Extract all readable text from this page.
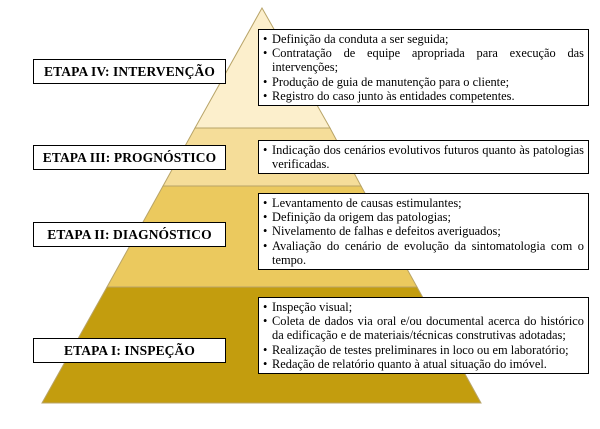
ETAPA IV: INTERVENÇÃO
• Definição da conduta a ser seguida;
• Contratação de equipe apropriada para execução das intervenções;
• Produção de guia de manutenção para o cliente;
• Registro do caso junto às entidades competentes.
ETAPA III: PROGNÓSTICO
•	Indicação dos cenários evolutivos futuros quanto às patologias verificadas.
ETAPA II: DIAGNÓSTICO
• Levantamento de causas estimulantes;
• Definição da origem das patologias;
• Nivelamento de falhas e defeitos averiguados;
• Avaliação do cenário de evolução da sintomatologia com o tempo.
ETAPA I: INSPEÇÃO
• Inspeção visual;
• Coleta de dados via oral e/ou documental acerca do histórico da edificação e de materiais/técnicas construtivas adotadas;
• Realização de testes preliminares in loco ou em laboratório;
• Redação de relatório quanto à atual situação do imóvel.
